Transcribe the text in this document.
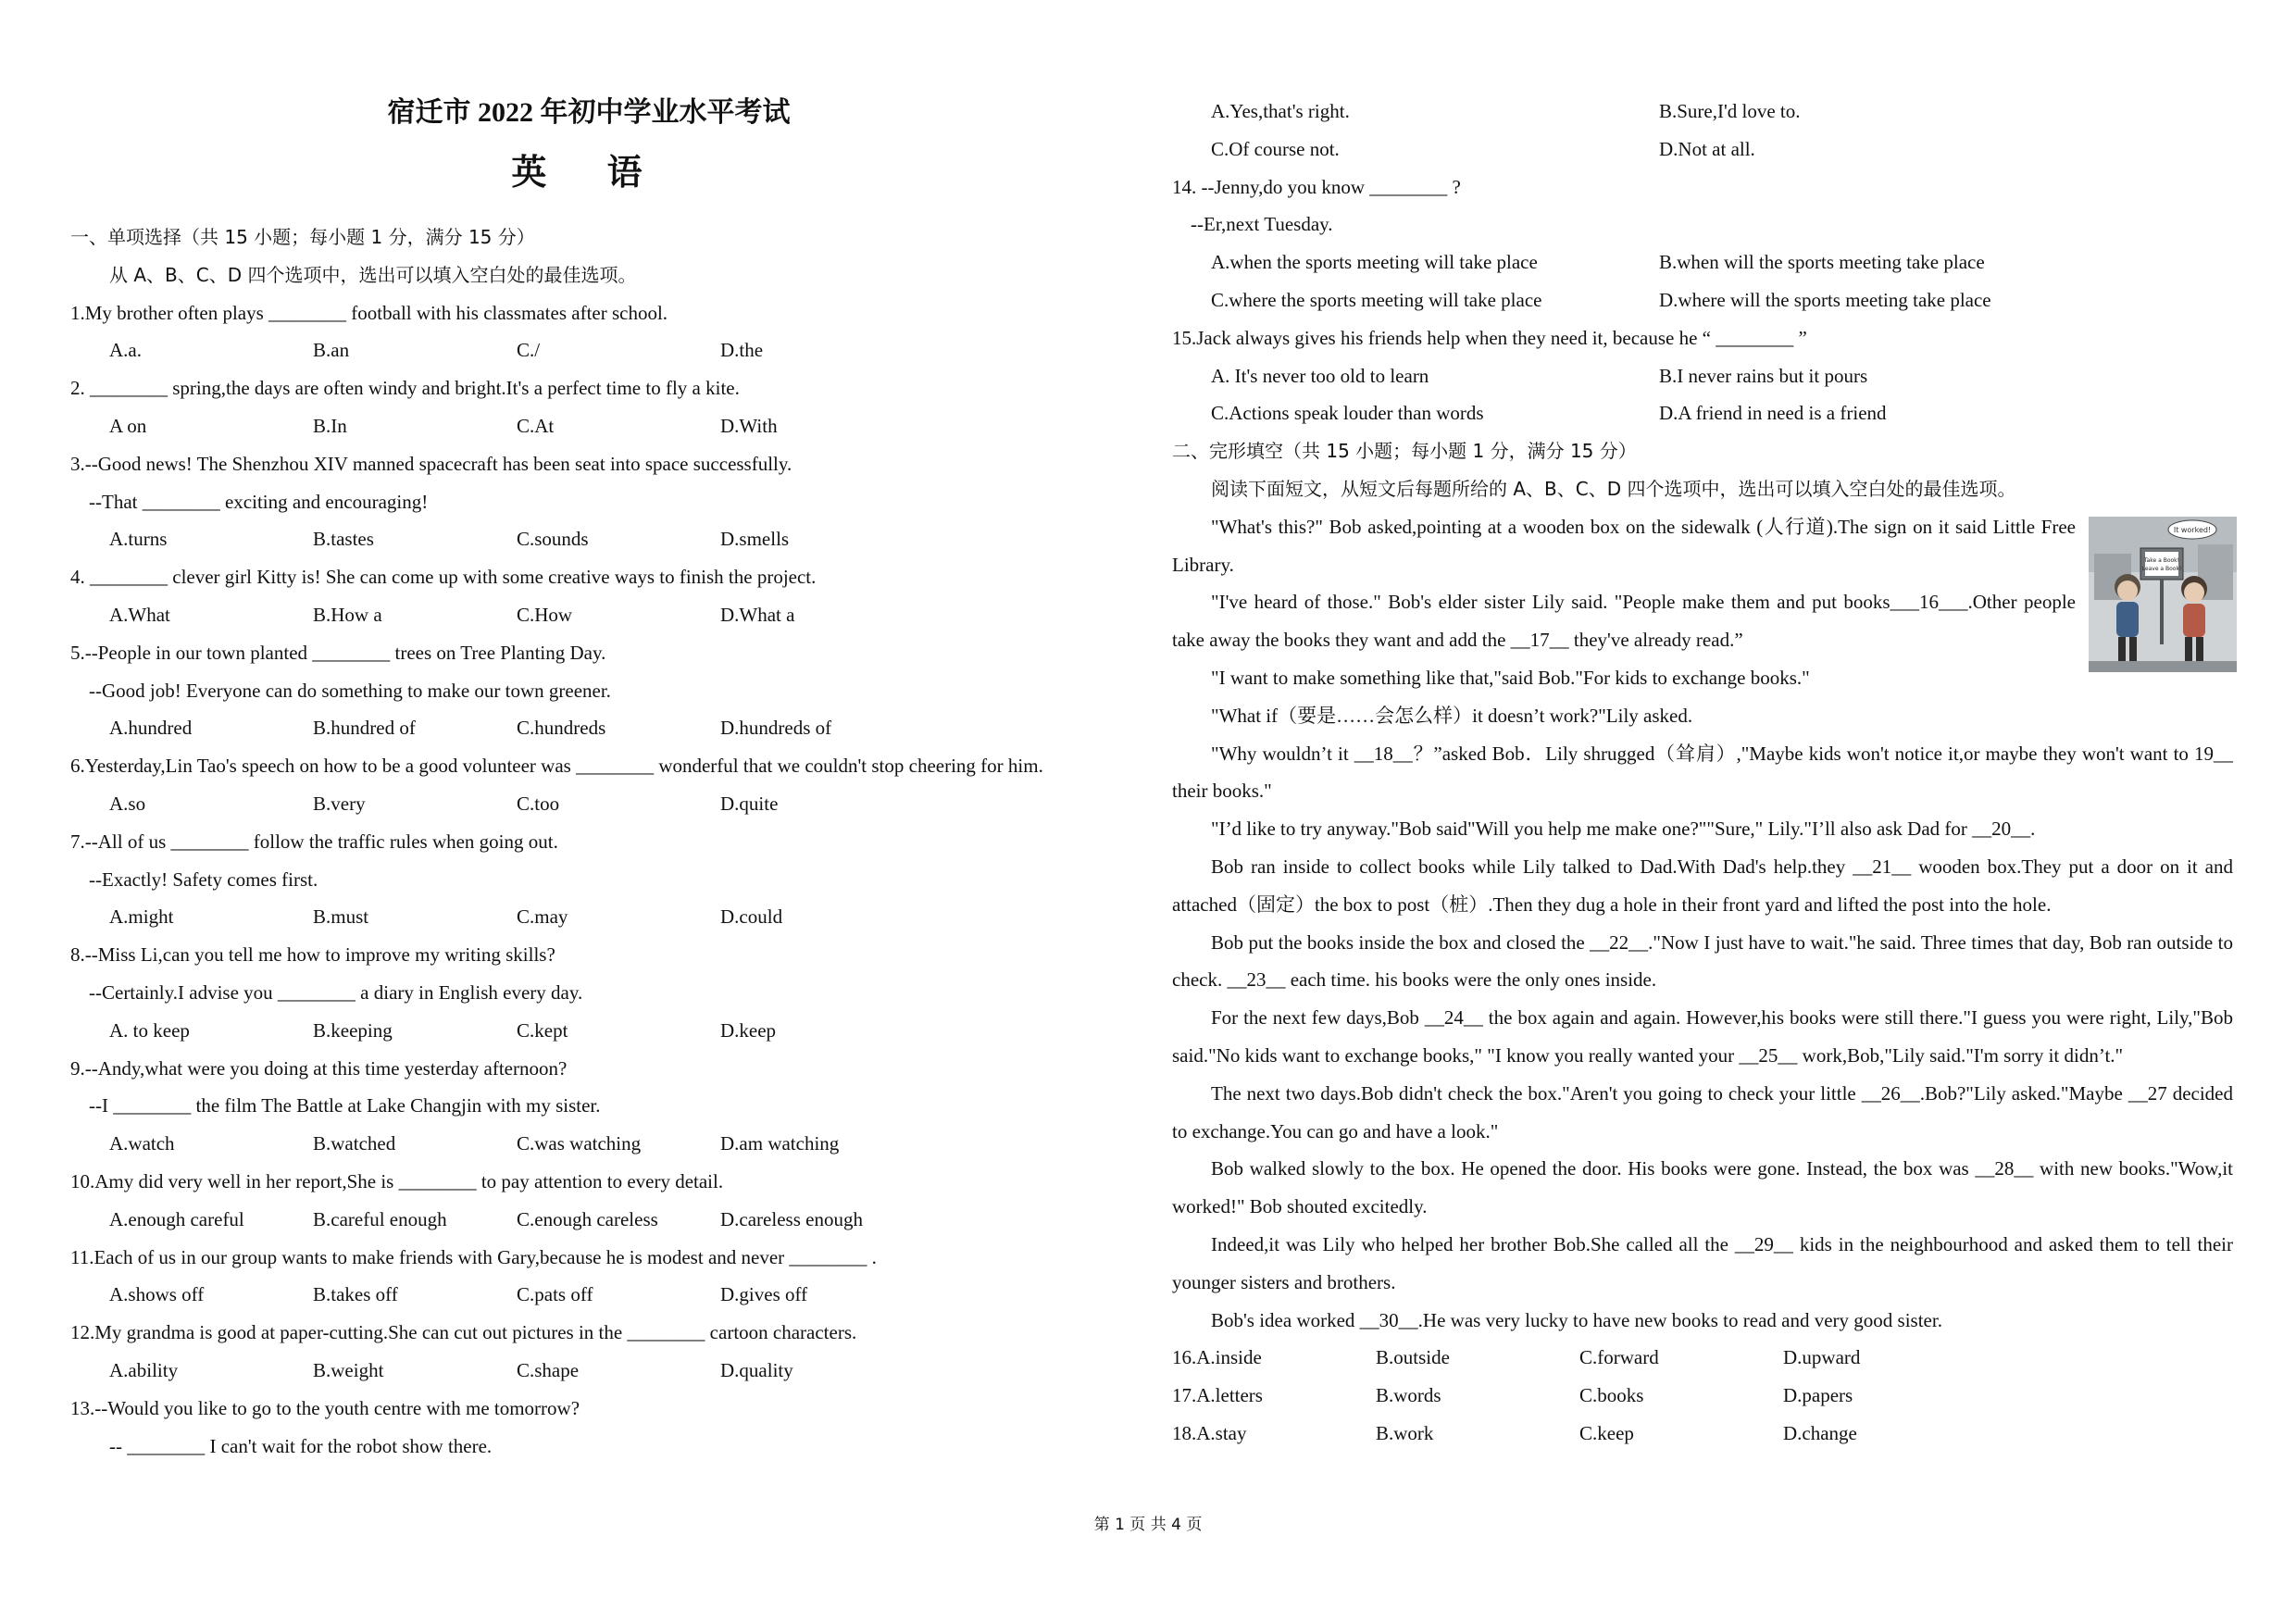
宿迁市 2022 年初中学业水平考试
英 语
一、单项选择（共 15 小题；每小题 1 分，满分 15 分）
从 A、B、C、D 四个选项中，选出可以填入空白处的最佳选项。
1.My brother often plays ________ football with his classmates after school.
A.a.	B.an	C./	D.the
2. ________ spring,the days are often windy and bright.It's a perfect time to fly a kite.
A on	B.In	C.At	D.With
3.--Good news! The Shenzhou XIV manned spacecraft has been seat into space successfully.
--That ________ exciting and encouraging!
A.turns	B.tastes	C.sounds	D.smells
4. ________ clever girl Kitty is! She can come up with some creative ways to finish the project.
A.What	B.How a	C.How	D.What a
5.--People in our town planted ________ trees on Tree Planting Day.
--Good job! Everyone can do something to make our town greener.
A.hundred	B.hundred of	C.hundreds	D.hundreds of
6.Yesterday,Lin Tao's speech on how to be a good volunteer was ________ wonderful that we couldn't stop cheering for him.
A.so	B.very	C.too	D.quite
7.--All of us ________ follow the traffic rules when going out.
--Exactly! Safety comes first.
A.might	B.must	C.may	D.could
8.--Miss Li,can you tell me how to improve my writing skills?
--Certainly.I advise you ________ a diary in English every day.
A. to keep	B.keeping	C.kept	D.keep
9.--Andy,what were you doing at this time yesterday afternoon?
--I ________ the film The Battle at Lake Changjin with my sister.
A.watch	B.watched	C.was watching	D.am watching
10.Amy did very well in her report,She is ________ to pay attention to every detail.
A.enough careful	B.careful enough	C.enough careless	D.careless enough
11.Each of us in our group wants to make friends with Gary,because he is modest and never ________ .
A.shows off	B.takes off	C.pats off	D.gives off
12.My grandma is good at paper-cutting.She can cut out pictures in the ________ cartoon characters.
A.ability	B.weight	C.shape	D.quality
13.--Would you like to go to the youth centre with me tomorrow?
-- ________ I can't wait for the robot show there.
A.Yes,that's right.	B.Sure,I'd love to.
C.Of course not.	D.Not at all.
14. --Jenny,do you know ________ ?
--Er,next Tuesday.
A.when the sports meeting will take place	B.when will the sports meeting take place
C.where the sports meeting will take place	D.where will the sports meeting take place
15.Jack always gives his friends help when they need it, because he “ ________ ”
A. It's never too old to learn	B.I never rains but it pours
C.Actions speak louder than words	D.A friend in need is a friend
二、完形填空（共 15 小题；每小题 1 分，满分 15 分）
阅读下面短文，从短文后每题所给的 A、B、C、D 四个选项中，选出可以填入空白处的最佳选项。

"What's this?" Bob asked,pointing at a wooden box on the sidewalk (人行道).The sign on it said Little Free Library.

"I've heard of those." Bob's elder sister Lily said. "People make them and put books___16___.Other people take away the books they want and add the __17__ they've already read.”

"I want to make something like that,"said Bob."For kids to exchange books."

"What if（要是……会怎么样）it doesn’t work?"Lily asked.

"Why wouldn’t it __18__？”asked Bob．Lily shrugged（耸肩）,"Maybe kids won't notice it,or maybe they won't want to 19__ their books."

"I’d like to try anyway."Bob said"Will you help me make one?""Sure," Lily."I’ll also ask Dad for __20__.

Bob ran inside to collect books while Lily talked to Dad.With Dad's help.they __21__ wooden box.They put a door on it and attached（固定）the box to post（桩）.Then they dug a hole in their front yard and lifted the post into the hole.

Bob put the books inside the box and closed the __22__."Now I just have to wait."he said. Three times that day, Bob ran outside to check. __23__ each time. his books were the only ones inside.

For the next few days,Bob __24__ the box again and again. However,his books were still there."I guess you were right, Lily,"Bob said."No kids want to exchange books," "I know you really wanted your __25__ work,Bob,"Lily said."I'm sorry it didn’t."

The next two days.Bob didn't check the box."Aren't you going to check your little __26__.Bob?"Lily asked."Maybe __27 decided to exchange.You can go and have a look."

Bob walked slowly to the box. He opened the door. His books were gone. Instead, the box was __28__ with new books."Wow,it worked!" Bob shouted excitedly.

Indeed,it was Lily who helped her brother Bob.She called all the __29__ kids in the neighbourhood and asked them to tell their younger sisters and brothers.

Bob's idea worked __30__.He was very lucky to have new books to read and very good sister.

16.A.inside	B.outside	C.forward	D.upward
17.A.letters	B.words	C.books	D.papers
18.A.stay	B.work	C.keep	D.change
It worked!
Take a Book!
Leave a Book!
第 1 页 共 4 页
